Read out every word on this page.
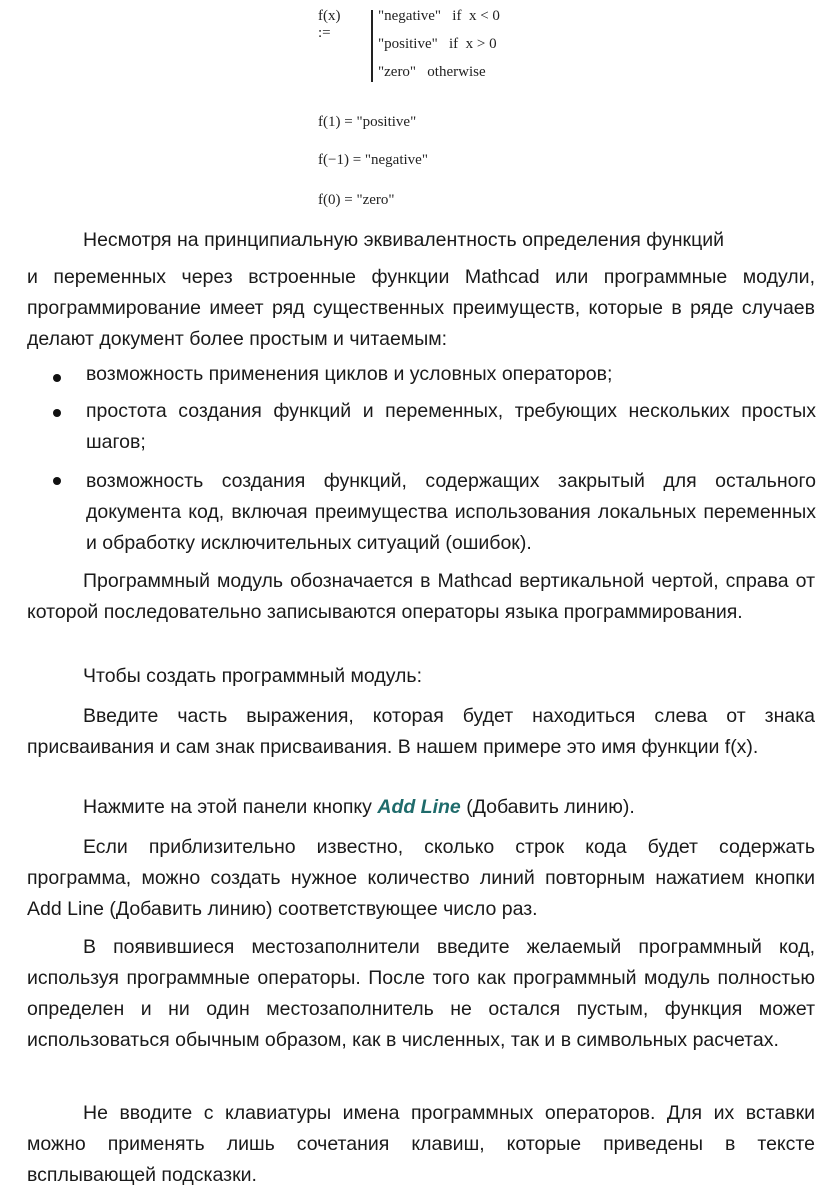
f(x) :=
"negative"   if  x < 0
"positive"   if  x > 0
"zero"   otherwise
f(1) = "positive"
f(−1) = "negative"
f(0) = "zero"
Несмотря на принципиальную эквивалентность определения функций
и переменных через встроенные функции Mathcad или программные модули, программирование имеет ряд существенных преимуществ, которые в ряде случаев делают документ более простым и читаемым:
возможность применения циклов и условных операторов;
простота создания функций и переменных, требующих нескольких простых шагов;
возможность создания функций, содержащих закрытый для остального документа код, включая преимущества использования локальных переменных и обработку исключительных ситуаций (ошибок).
Программный модуль обозначается в Mathcad вертикальной чертой, справа от которой последовательно записываются операторы языка программирования.
Чтобы создать программный модуль:
Введите часть выражения, которая будет находиться слева от знака присваивания и сам знак присваивания. В нашем примере это имя функции f(x).
Нажмите на этой панели кнопку Add Line (Добавить линию).
Если приблизительно известно, сколько строк кода будет содержать программа, можно создать нужное количество линий повторным нажатием кнопки Add Line (Добавить линию) соответствующее число раз.
В появившиеся местозаполнители введите желаемый программный код, используя программные операторы. После того как программный модуль полностью определен и ни один местозаполнитель не остался пустым, функция может использоваться обычным образом, как в численных, так и в символьных расчетах.
Не вводите с клавиатуры имена программных операторов. Для их вставки можно применять лишь сочетания клавиш, которые приведены в тексте всплывающей подсказки.
